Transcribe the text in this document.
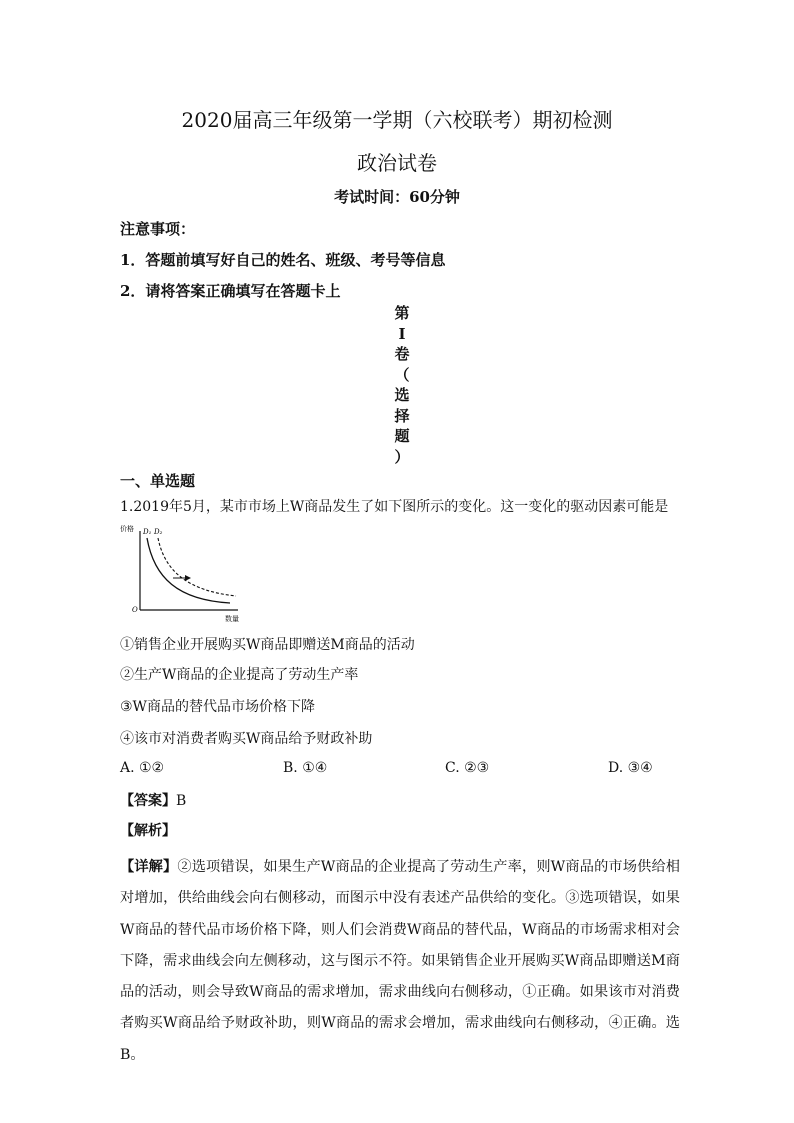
2020届高三年级第一学期（六校联考）期初检测
政治试卷
考试时间：60分钟
注意事项：
1．答题前填写好自己的姓名、班级、考号等信息
2．请将答案正确填写在答题卡上
第
I
卷
（
选
择
题
）
一、单选题
1.2019年5月，某市市场上W商品发生了如下图所示的变化。这一变化的驱动因素可能是
价格
数量
O
D₁ D₂
①销售企业开展购买W商品即赠送M商品的活动
②生产W商品的企业提高了劳动生产率
③W商品的替代品市场价格下降
④该市对消费者购买W商品给予财政补助
A. ①②	B. ①④	C. ②③	D. ③④
【答案】B
【解析】
【详解】②选项错误，如果生产W商品的企业提高了劳动生产率，则W商品的市场供给相对增加，供给曲线会向右侧移动，而图示中没有表述产品供给的变化。③选项错误，如果W商品的替代品市场价格下降，则人们会消费W商品的替代品，W商品的市场需求相对会下降，需求曲线会向左侧移动，这与图示不符。如果销售企业开展购买W商品即赠送M商品的活动，则会导致W商品的需求增加，需求曲线向右侧移动，①正确。如果该市对消费者购买W商品给予财政补助，则W商品的需求会增加，需求曲线向右侧移动，④正确。选B。
